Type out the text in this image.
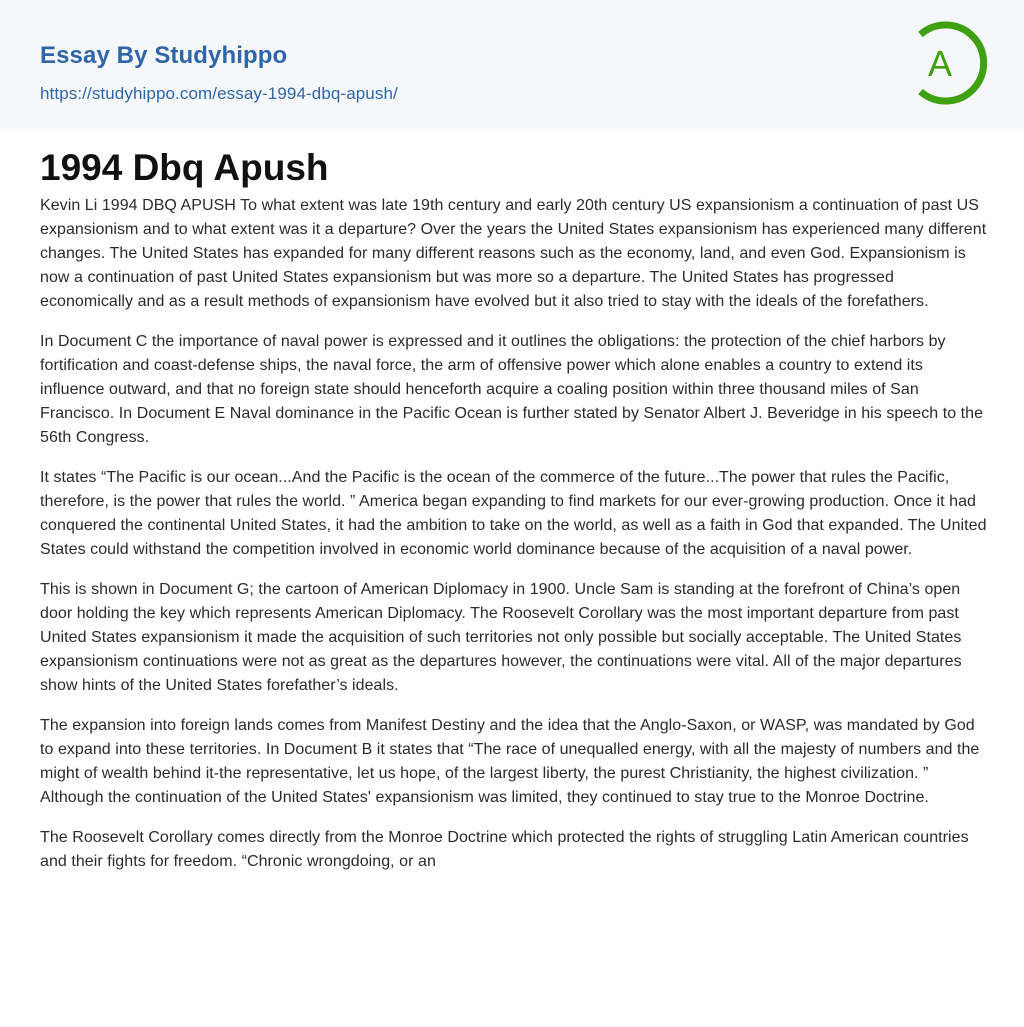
Essay By Studyhippo
https://studyhippo.com/essay-1994-dbq-apush/
A
1994 Dbq Apush

Kevin Li 1994 DBQ APUSH To what extent was late 19th century and early 20th century US expansionism a continuation of past US expansionism and to what extent was it a departure? Over the years the United States expansionism has experienced many different changes. The United States has expanded for many different reasons such as the economy, land, and even God. Expansionism is now a continuation of past United States expansionism but was more so a departure. The United States has progressed economically and as a result methods of expansionism have evolved but it also tried to stay with the ideals of the forefathers.

In Document C the importance of naval power is expressed and it outlines the obligations: the protection of the chief harbors by fortification and coast-defense ships, the naval force, the arm of offensive power which alone enables a country to extend its influence outward, and that no foreign state should henceforth acquire a coaling position within three thousand miles of San Francisco. In Document E Naval dominance in the Pacific Ocean is further stated by Senator Albert J. Beveridge in his speech to the 56th Congress.

It states “The Pacific is our ocean...And the Pacific is the ocean of the commerce of the future...The power that rules the Pacific, therefore, is the power that rules the world. ” America began expanding to find markets for our ever-growing production. Once it had conquered the continental United States, it had the ambition to take on the world, as well as a faith in God that expanded. The United States could withstand the competition involved in economic world dominance because of the acquisition of a naval power.

This is shown in Document G; the cartoon of American Diplomacy in 1900. Uncle Sam is standing at the forefront of China’s open door holding the key which represents American Diplomacy. The Roosevelt Corollary was the most important departure from past United States expansionism it made the acquisition of such territories not only possible but socially acceptable. The United States expansionism continuations were not as great as the departures however, the continuations were vital. All of the major departures show hints of the United States forefather’s ideals.

The expansion into foreign lands comes from Manifest Destiny and the idea that the Anglo-Saxon, or WASP, was mandated by God to expand into these territories. In Document B it states that “The race of unequalled energy, with all the majesty of numbers and the might of wealth behind it-the representative, let us hope, of the largest liberty, the purest Christianity, the highest civilization. ” Although the continuation of the United States' expansionism was limited, they continued to stay true to the Monroe Doctrine.

The Roosevelt Corollary comes directly from the Monroe Doctrine which protected the rights of struggling Latin American countries and their fights for freedom. “Chronic wrongdoing, or an
